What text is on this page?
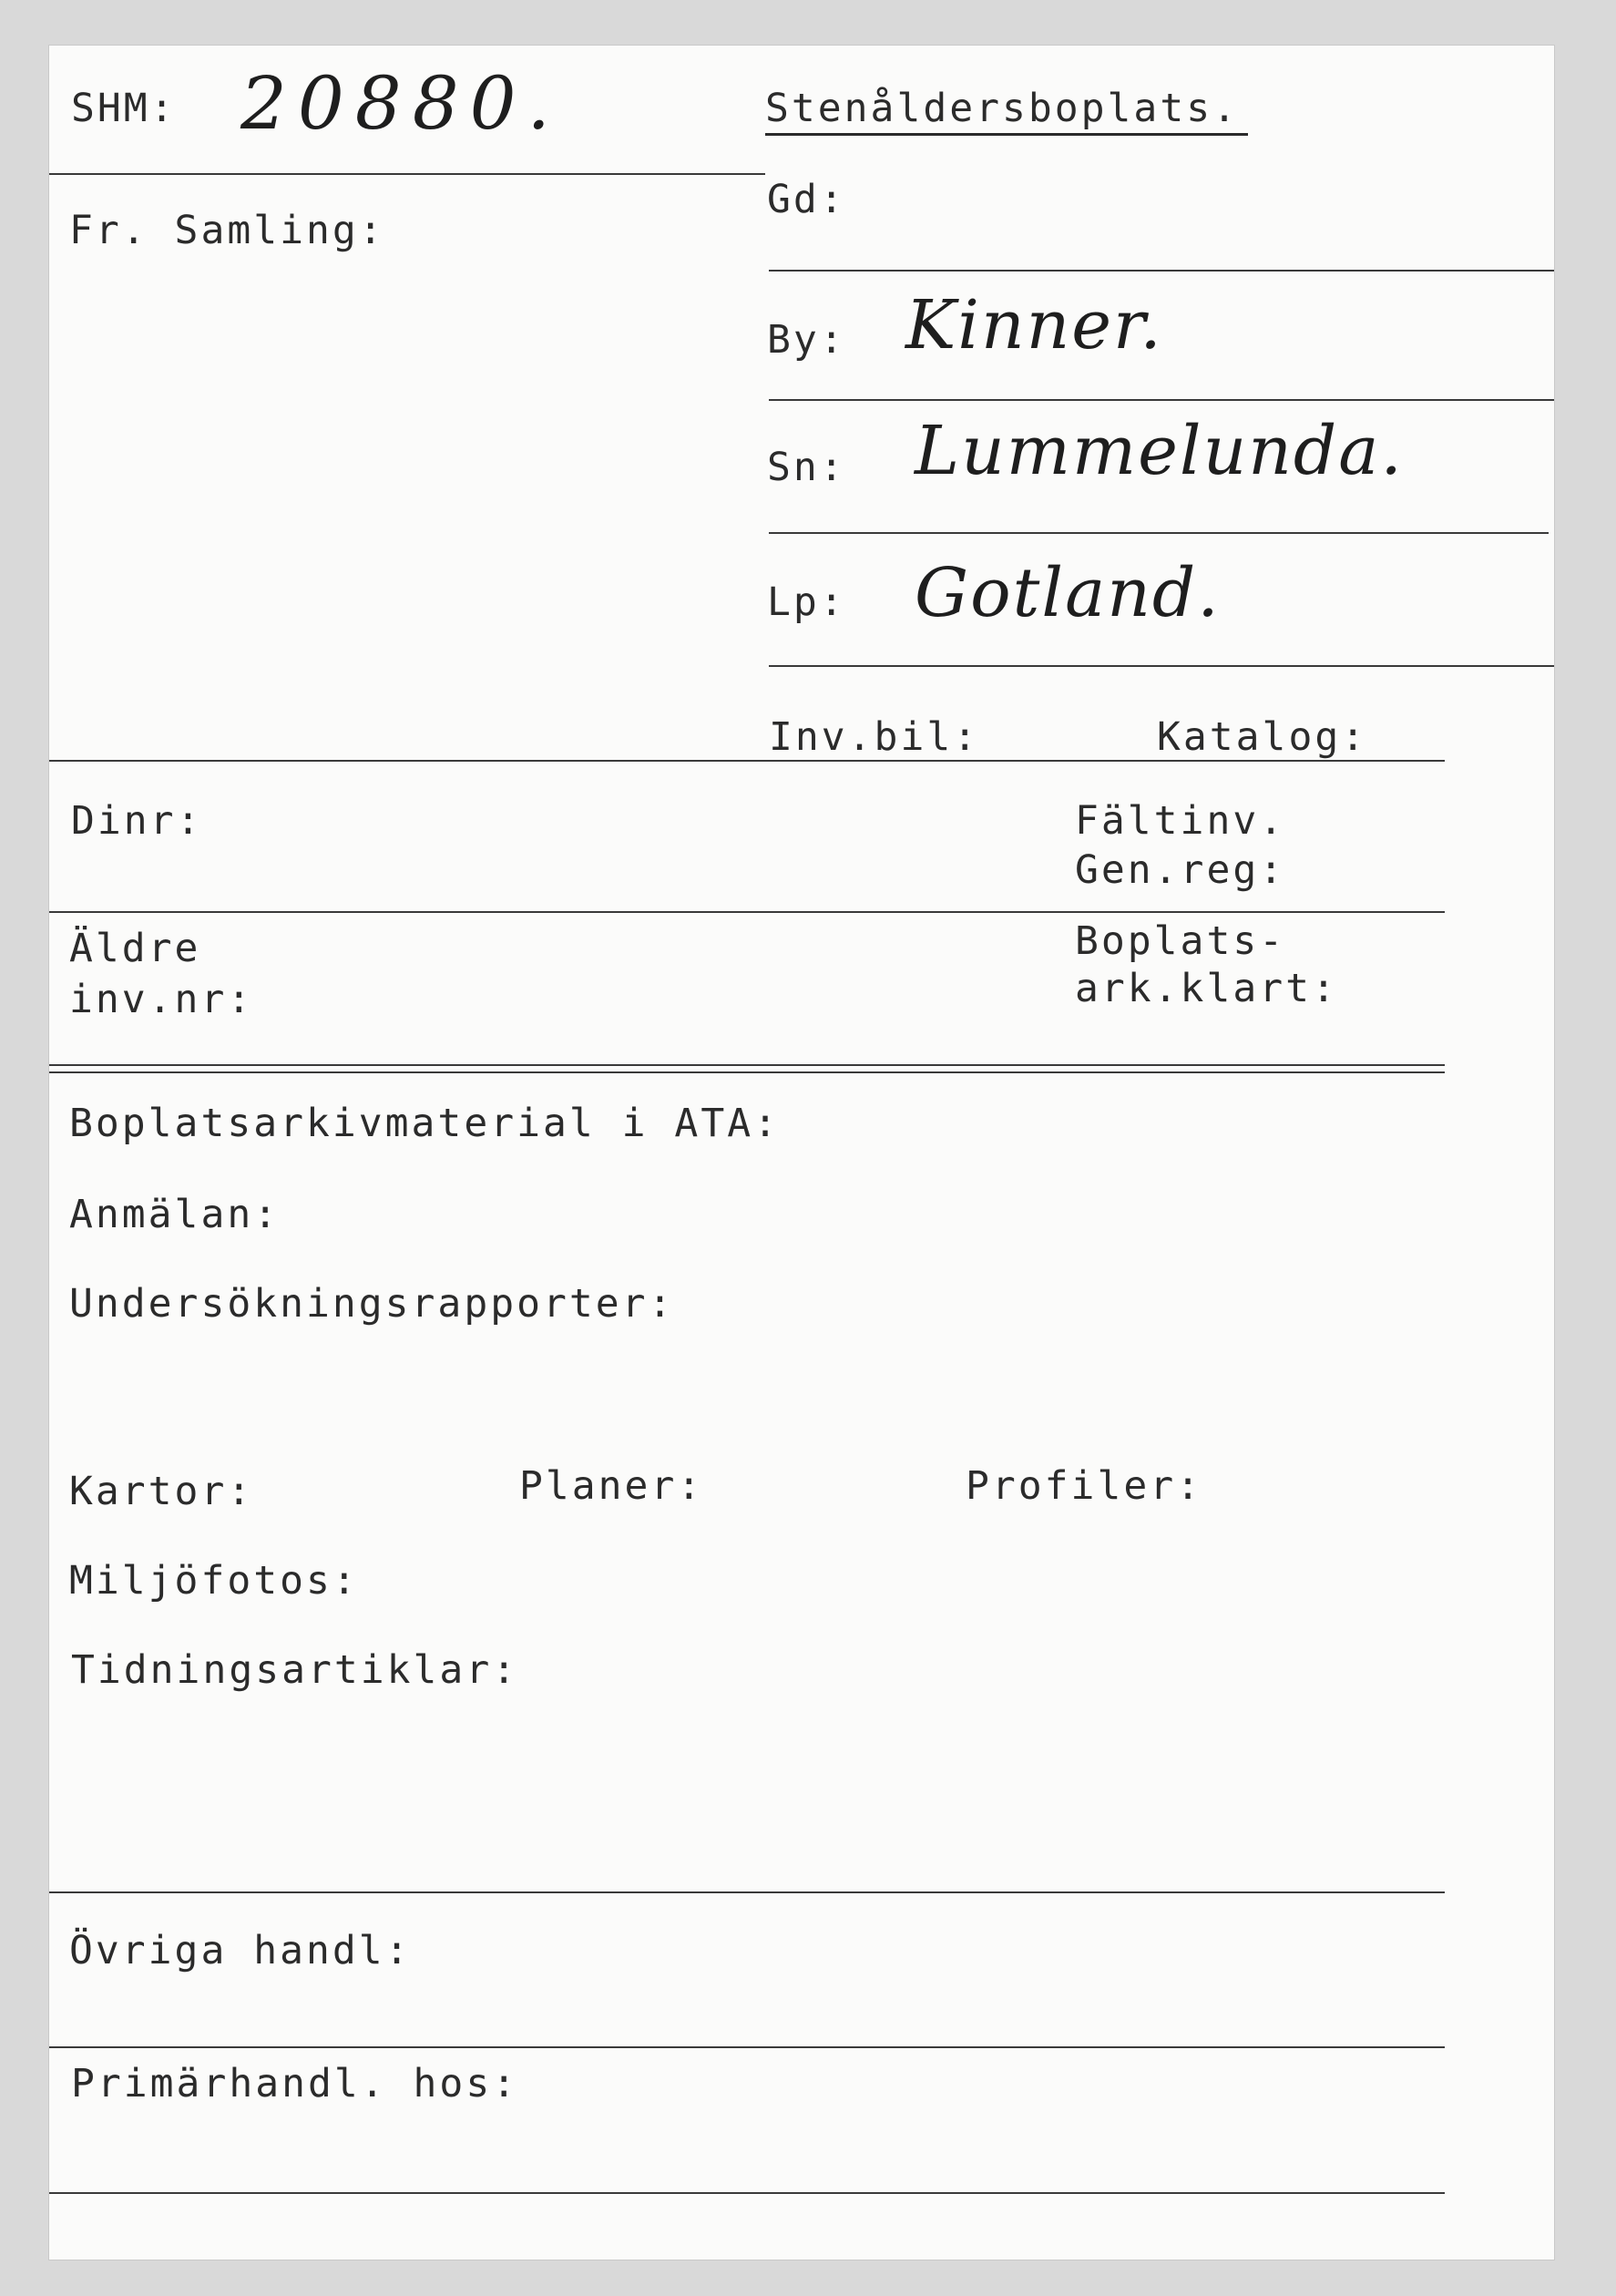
SHM: 20880.	Stenåldersboplats.
Fr. Samling:
Gd:
By: Kinner.
Sn: Lummelunda.
Lp: Gotland.
Inv.bil:	Katalog:
Dinr:	Fältinv.
Gen.reg:
Äldre
inv.nr:
Boplats-
ark.klart:
Boplatsarkivmaterial i ATA:
Anmälan:
Undersökningsrapporter:
Kartor:	Planer:	Profiler:
Miljöfotos:
Tidningsartiklar:
Övriga handl:
Primärhandl. hos:
